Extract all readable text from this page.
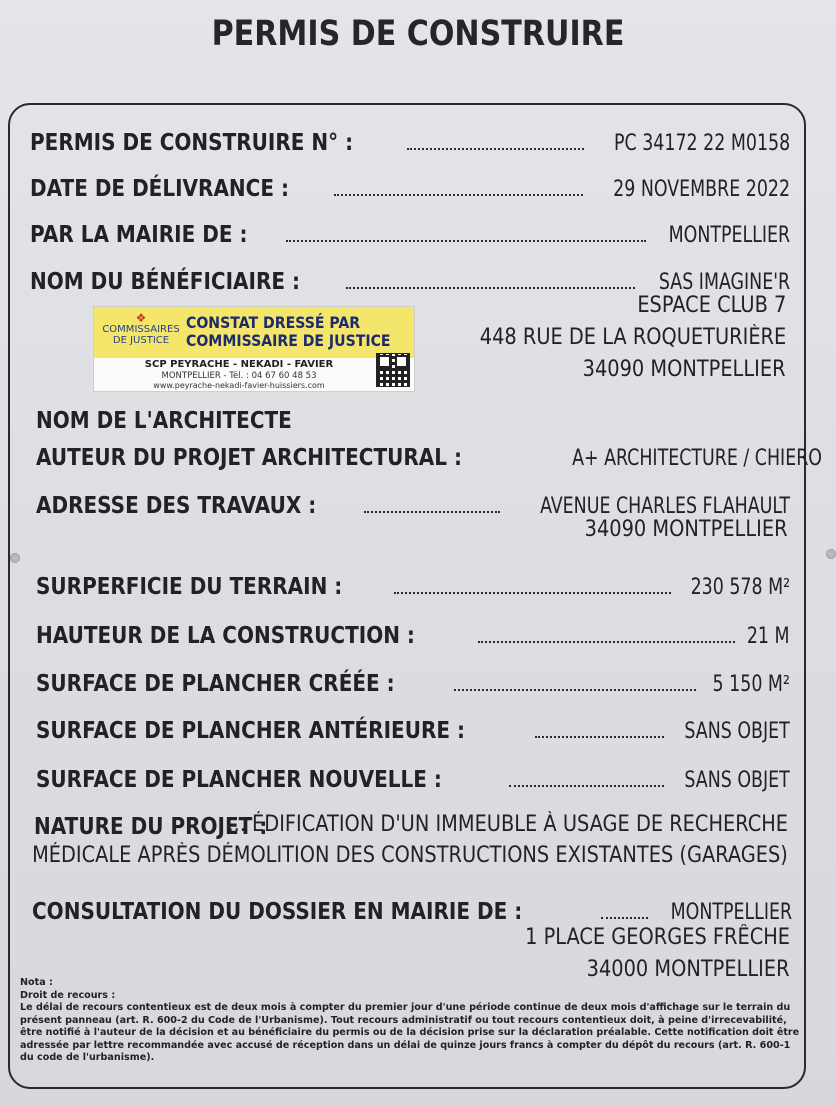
PERMIS DE CONSTRUIRE
PERMIS DE CONSTRUIRE N° :	PC 34172 22 M0158
DATE DE DÉLIVRANCE :	29 NOVEMBRE 2022
PAR LA MAIRIE DE :	MONTPELLIER
NOM DU BÉNÉFICIAIRE :	SAS IMAGINE'R
ESPACE CLUB 7
448 RUE DE LA ROQUETURIÈRE
34090 MONTPELLIER
❖
COMMISSAIRES
DE JUSTICE
CONSTAT DRESSÉ PAR
COMMISSAIRE DE JUSTICE
SCP PEYRACHE - NEKADI - FAVIER
MONTPELLIER - Tél. : 04 67 60 48 53
www.peyrache-nekadi-favier-huissiers.com
NOM DE L'ARCHITECTE
AUTEUR DU PROJET ARCHITECTURAL :	A+ ARCHITECTURE / CHIERO
ADRESSE DES TRAVAUX :	AVENUE CHARLES FLAHAULT
34090 MONTPELLIER
SURPERFICIE DU TERRAIN :	230 578 M²
HAUTEUR DE LA CONSTRUCTION :	21 M
SURFACE DE PLANCHER CRÉÉE :	5 150 M²
SURFACE DE PLANCHER ANTÉRIEURE :	SANS OBJET
SURFACE DE PLANCHER NOUVELLE :	SANS OBJET
NATURE DU PROJET :
... ÉDIFICATION D'UN IMMEUBLE À USAGE DE RECHERCHE
MÉDICALE APRÈS DÉMOLITION DES CONSTRUCTIONS EXISTANTES (GARAGES)
CONSULTATION DU DOSSIER EN MAIRIE DE :	MONTPELLIER
1 PLACE GEORGES FRÊCHE
34000 MONTPELLIER
Nota :
Droit de recours :
Le délai de recours contentieux est de deux mois à compter du premier jour d'une période continue de deux mois d'affichage sur le terrain du présent panneau (art. R. 600-2 du Code de l'Urbanisme). Tout recours administratif ou tout recours contentieux doit, à peine d'irrecevabilité, être notifié à l'auteur de la décision et au bénéficiaire du permis ou de la décision prise sur la déclaration préalable. Cette notification doit être adressée par lettre recommandée avec accusé de réception dans un délai de quinze jours francs à compter du dépôt du recours (art. R. 600-1 du code de l'urbanisme).
